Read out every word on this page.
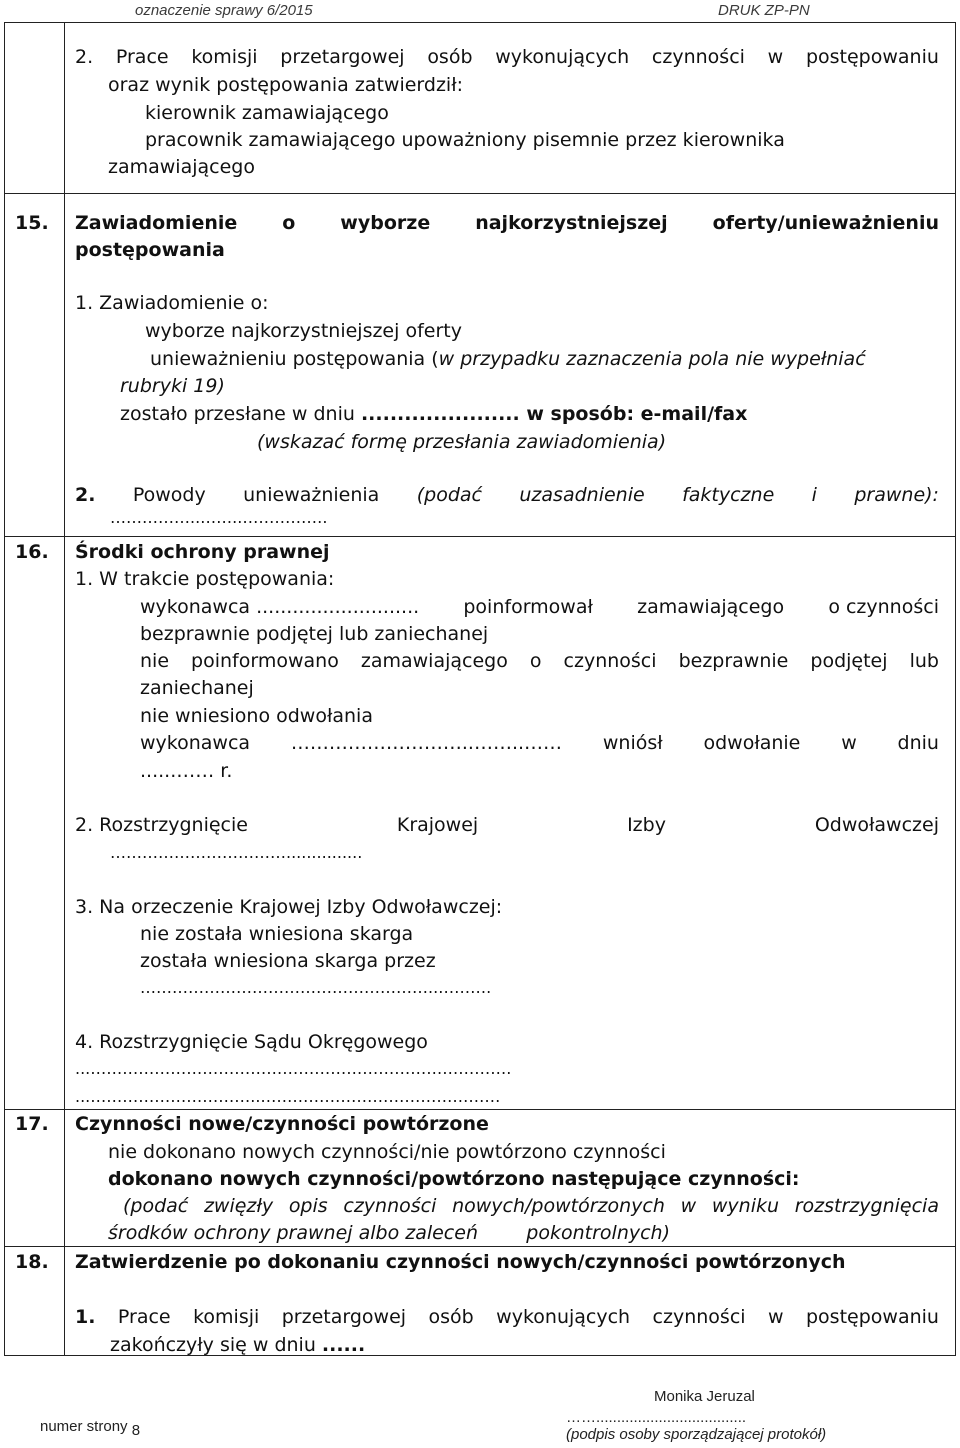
oznaczenie sprawy 6/2015	DRUK ZP-PN
2. Prace komisji przetargowej osób wykonujących czynności w postępowaniu
oraz wynik postępowania zatwierdził:
kierownik zamawiającego
pracownik zamawiającego upoważniony pisemnie przez kierownika
zamawiającego
15. Zawiadomienie o wyborze najkorzystniejszej oferty/unieważnieniu
postępowania
1. Zawiadomienie o:
wyborze najkorzystniejszej oferty
unieważnieniu postępowania (w przypadku zaznaczenia pola nie wypełniać
rubryki 19)
zostało przesłane w dniu ...................... w sposób: e-mail/fax
(wskazać formę przesłania zawiadomienia)
2. Powody unieważnienia (podać uzasadnienie faktyczne i prawne):
……………..……..…………….
16. Środki ochrony prawnej
1. W trakcie postępowania:
wykonawca ........................... poinformował zamawiającego o czynności
bezprawnie podjętej lub zaniechanej
nie poinformowano zamawiającego o czynności bezprawnie podjętej lub
zaniechanej
nie wniesiono odwołania
wykonawca ………………………..……..…… wniósł odwołanie w dniu
......…… r.
2. Rozstrzygnięcie	Krajowej	Izby	Odwoławczej
……………………………...............
3. Na orzeczenie Krajowej Izby Odwoławczej:
nie została wniesiona skarga
została wniesiona skarga przez
………………………………………………..……….
4. Rozstrzygnięcie Sądu Okręgowego
...…………………………………………………………………….
...…………………………..………………………………………
17. Czynności nowe/czynności powtórzone
nie dokonano nowych czynności/nie powtórzono czynności
dokonano nowych czynności/powtórzono następujące czynności:
(podać zwięzły opis czynności nowych/powtórzonych w wyniku rozstrzygnięcia
środków ochrony prawnej albo zaleceń        pokontrolnych)
18. Zatwierdzenie po dokonaniu czynności nowych/czynności powtórzonych
1. Prace komisji przetargowej osób wykonujących czynności w postępowaniu
zakończyły się w dniu ......
numer strony 8
Monika Jeruzal
……....................................
(podpis osoby sporządzającej protokół)
